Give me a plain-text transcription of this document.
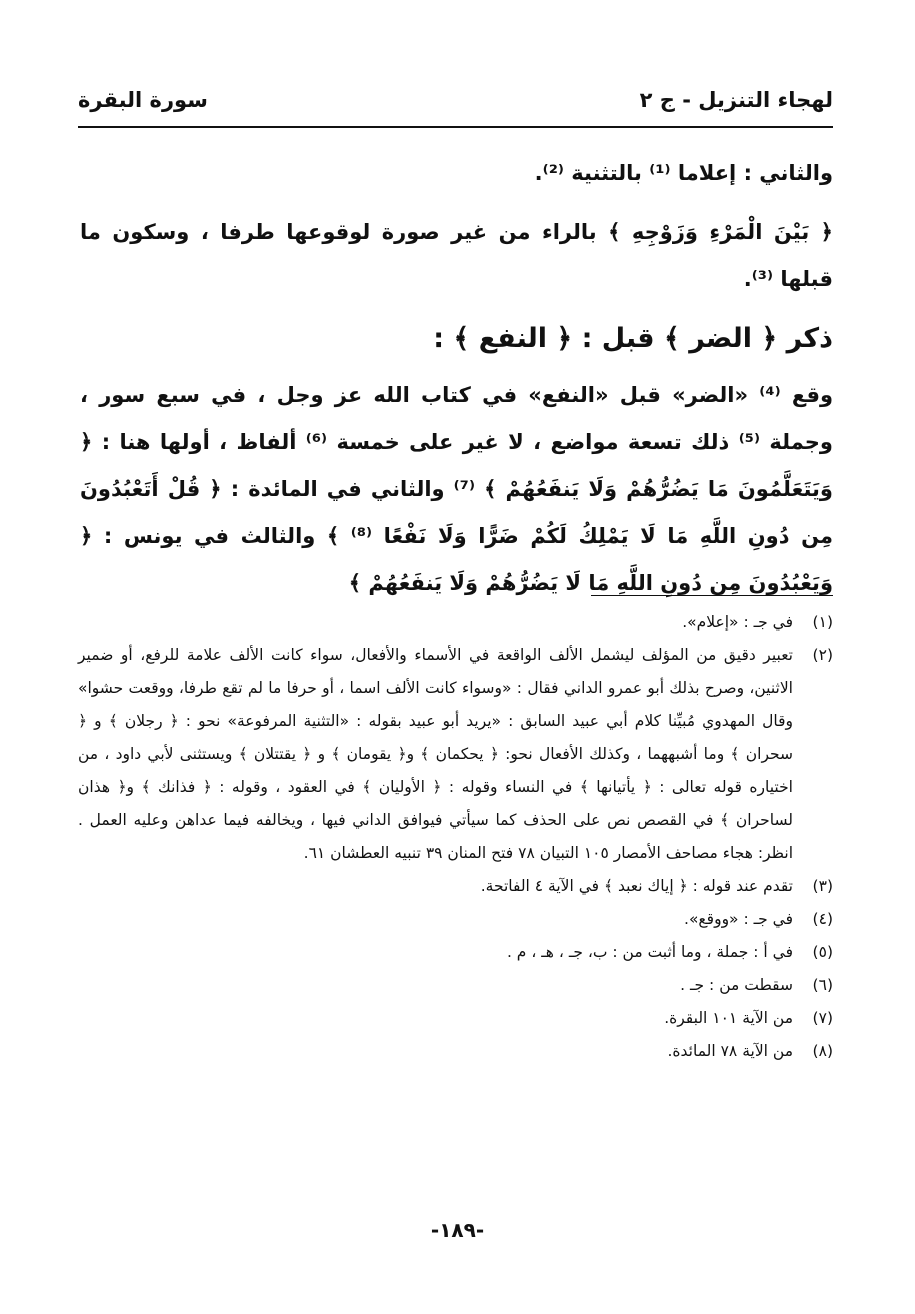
لهجاء التنزيل - ج ٢
سورة البقرة

والثاني : إعلاما ⁽¹⁾ بالتثنية ⁽²⁾.

﴿ بَيْنَ الْمَرْءِ وَزَوْجِهِ ﴾ بالراء من غير صورة لوقوعها طرفا ، وسكون ما قبلها ⁽³⁾.

ذكر ﴿ الضر ﴾ قبل : ﴿ النفع ﴾ :

وقع ⁽⁴⁾ «الضر» قبل «النفع» في كتاب الله عز وجل ، في سبع سور ، وجملة ⁽⁵⁾ ذلك تسعة مواضع ، لا غير على خمسة ⁽⁶⁾ ألفاظ ، أولها هنا : ﴿ وَيَتَعَلَّمُونَ مَا يَضُرُّهُمْ وَلَا يَنفَعُهُمْ ﴾ ⁽⁷⁾ والثاني في المائدة : ﴿ قُلْ أَتَعْبُدُونَ مِن دُونِ اللَّهِ مَا لَا يَمْلِكُ لَكُمْ ضَرًّا وَلَا نَفْعًا ⁽⁸⁾ ﴾ والثالث في يونس : ﴿ وَيَعْبُدُونَ مِن دُونِ اللَّهِ مَا لَا يَضُرُّهُمْ وَلَا يَنفَعُهُمْ ﴾

(١)
في جـ : «إعلام».
(٢)
تعبير دقيق من المؤلف ليشمل الألف الواقعة في الأسماء والأفعال، سواء كانت الألف علامة للرفع، أو ضمير الاثنين، وصرح بذلك أبو عمرو الداني فقال : «وسواء كانت الألف اسما ، أو حرفا ما لم تقع طرفا، ووقعت حشوا» وقال المهدوي مُبيِّنا كلام أبي عبيد السابق : «يريد أبو عبيد بقوله : «التثنية المرفوعة» نحو : ﴿ رجلان ﴾ و ﴿ سحران ﴾ وما أشبههما ، وكذلك الأفعال نحو: ﴿ يحكمان ﴾ و﴿ يقومان ﴾ و ﴿ يقتتلان ﴾ ويستثنى لأبي داود ، من اختياره قوله تعالى : ﴿ يأتيانها ﴾ في النساء وقوله : ﴿ الأوليان ﴾ في العقود ، وقوله : ﴿ فذانك ﴾ و﴿ هذان لساحران ﴾ في القصص نص على الحذف كما سيأتي فيوافق الداني فيها ، ويخالفه فيما عداهن وعليه العمل . انظر: هجاء مصاحف الأمصار ١٠٥ التبيان ٧٨ فتح المنان ٣٩ تنبيه العطشان ٦١.
(٣)
تقدم عند قوله : ﴿ إياك نعبد ﴾ في الآية ٤ الفاتحة.
(٤)
في جـ : «ووقع».
(٥)
في أ : جملة ، وما أثبت من : ب، جـ ، هـ ، م .
(٦)
سقطت من : جـ .
(٧)
من الآية ١٠١ البقرة.
(٨)
من الآية ٧٨ المائدة.
-١٨٩-
